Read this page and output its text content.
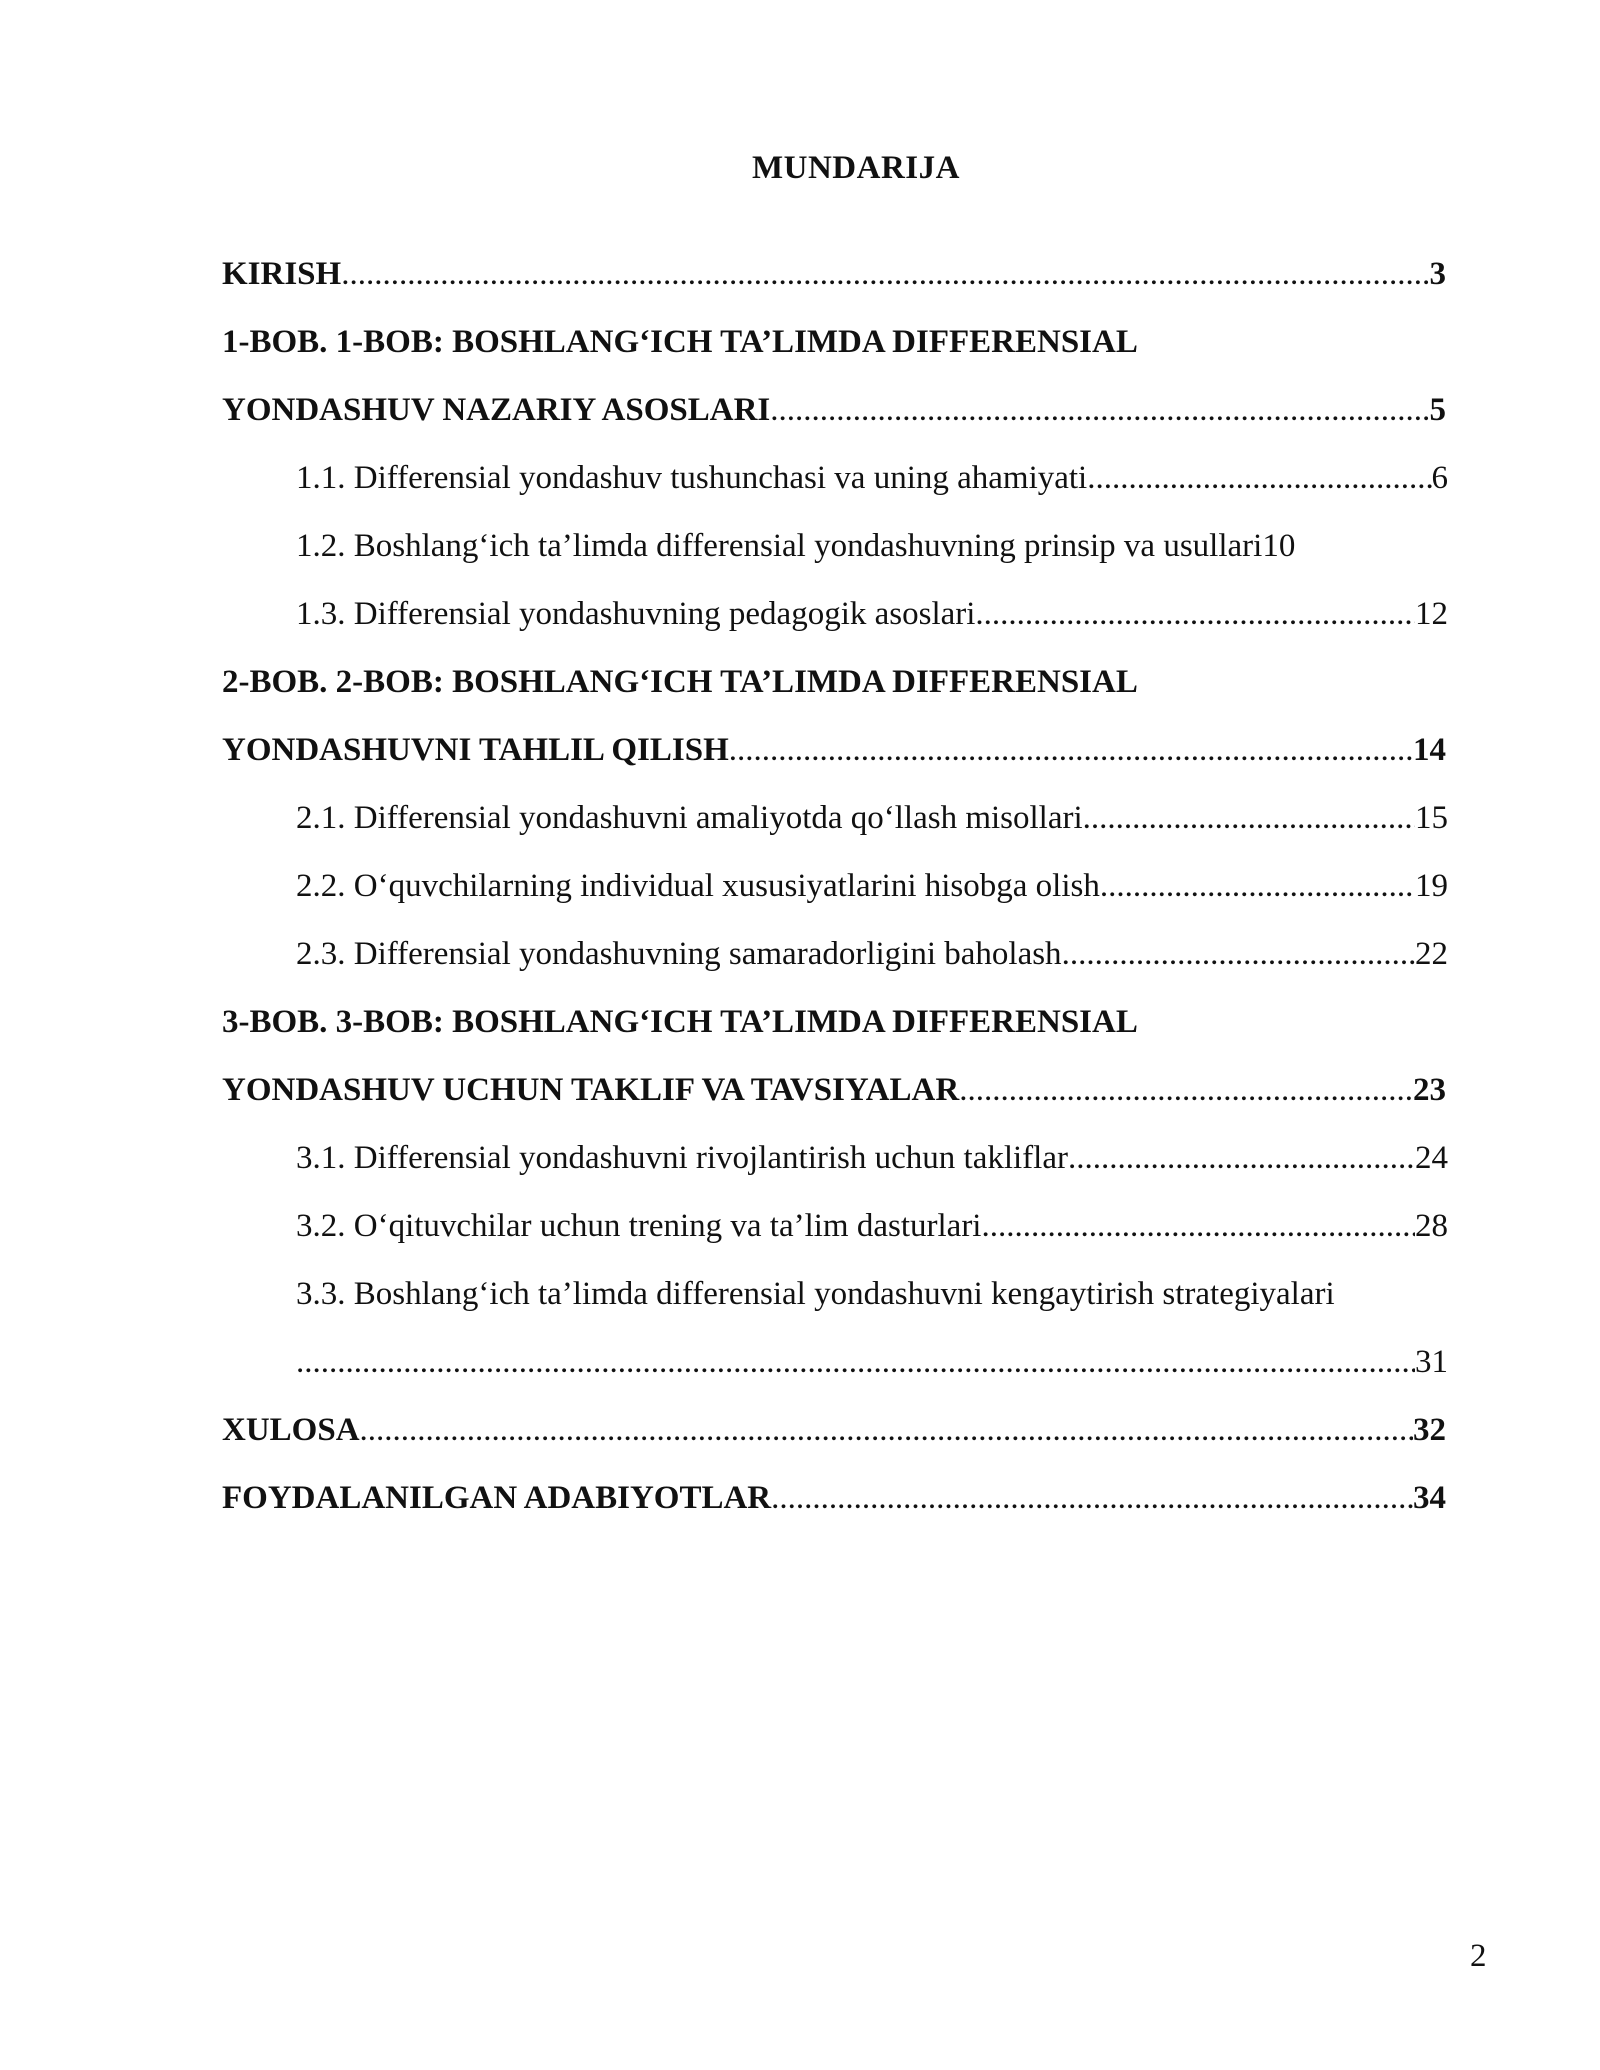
MUNDARIJA
KIRISH .....	3
1-BOB. 1-BOB: BOSHLANG‘ICH TA’LIMDA DIFFERENSIAL
YONDASHUV NAZARIY ASOSLARI .....	5
1.1. Differensial yondashuv tushunchasi va uning ahamiyati .....	6
1.2. Boshlang‘ich ta’limda differensial yondashuvning prinsip va usullari 10
1.3. Differensial yondashuvning pedagogik asoslari .....	12
2-BOB. 2-BOB: BOSHLANG‘ICH TA’LIMDA DIFFERENSIAL
YONDASHUVNI TAHLIL QILISH .....	14
2.1. Differensial yondashuvni amaliyotda qo‘llash misollari .....	15
2.2. O‘quvchilarning individual xususiyatlarini hisobga olish .....	19
2.3. Differensial yondashuvning samaradorligini baholash .....	22
3-BOB. 3-BOB: BOSHLANG‘ICH TA’LIMDA DIFFERENSIAL
YONDASHUV UCHUN TAKLIF VA TAVSIYALAR .....	23
3.1. Differensial yondashuvni rivojlantirish uchun takliflar .....	24
3.2. O‘qituvchilar uchun trening va ta’lim dasturlari .....	28
3.3. Boshlang‘ich ta’limda differensial yondashuvni kengaytirish strategiyalari
.....
31
XULOSA .....	32
FOYDALANILGAN ADABIYOTLAR .....	34
2
